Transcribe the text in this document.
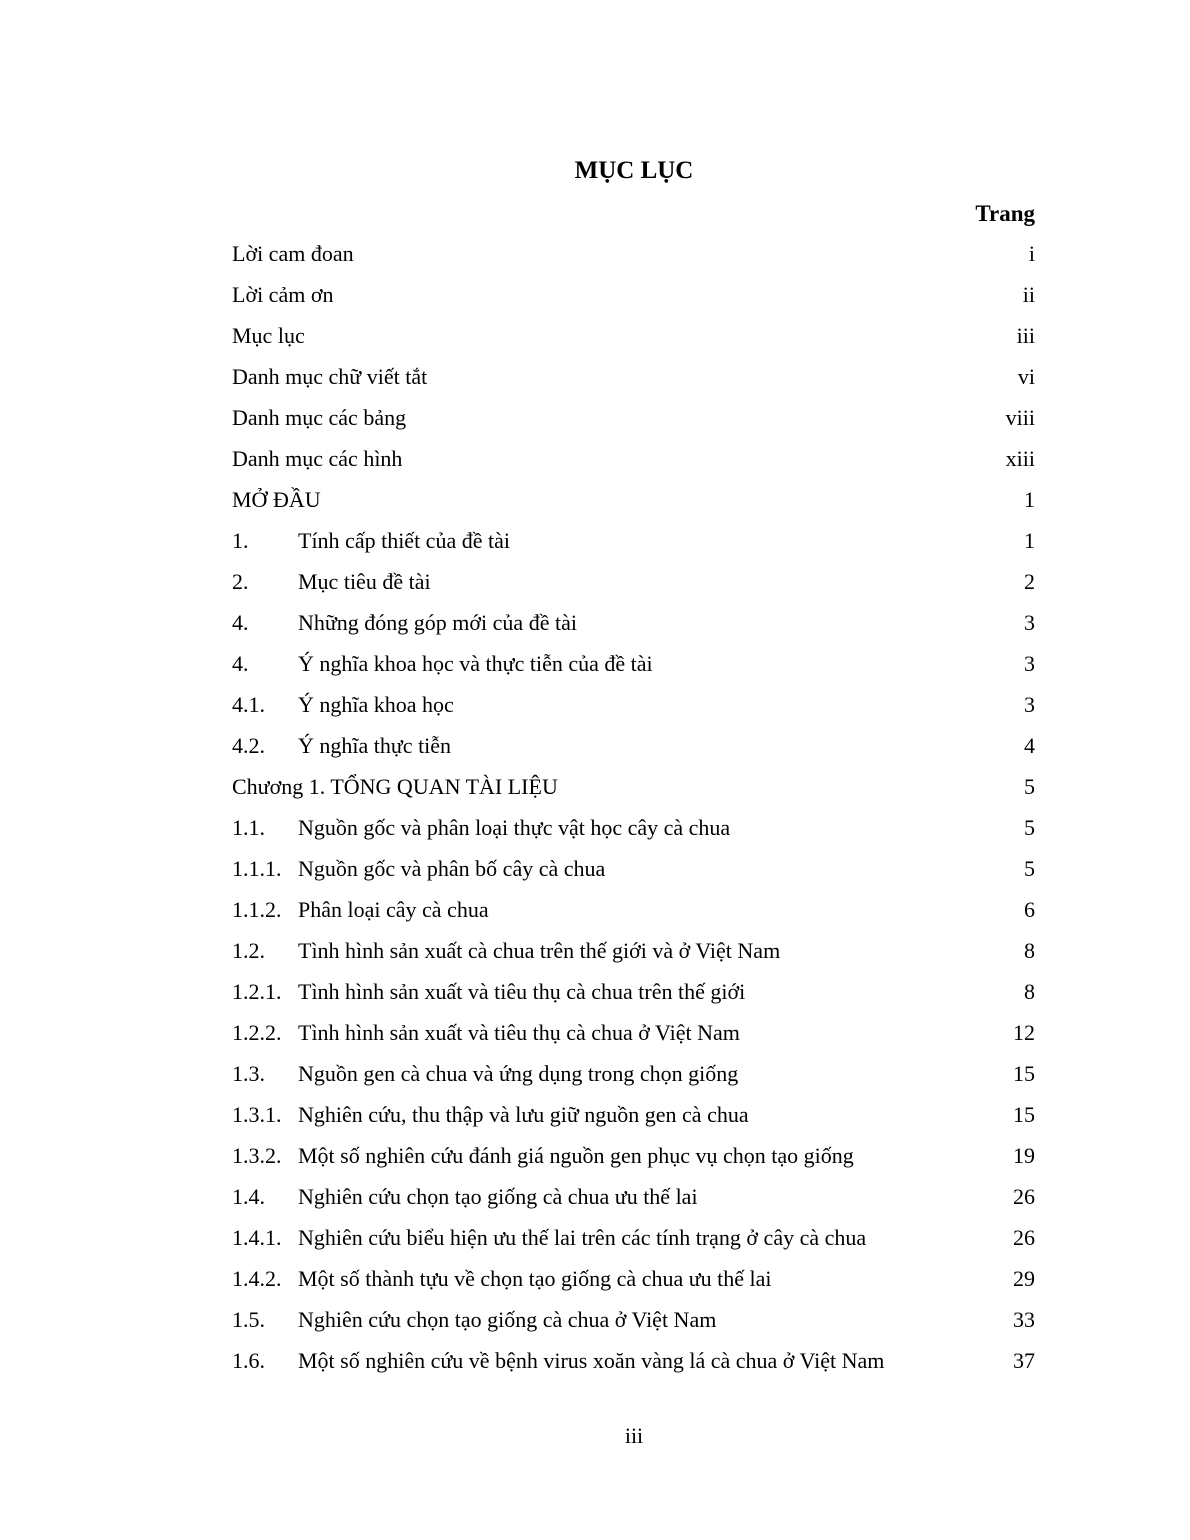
MỤC LỤC
Trang
Lời cam đoan	i
Lời cảm ơn	ii
Mục lục	iii
Danh mục chữ viết tắt	vi
Danh mục các bảng	viii
Danh mục các hình	xiii
MỞ ĐẦU	1
1.	Tính cấp thiết của đề tài	1
2.	Mục tiêu đề tài	2
4.	Những đóng góp mới của đề tài	3
4.	Ý nghĩa khoa học và thực tiễn của đề tài	3
4.1.	Ý nghĩa khoa học	3
4.2.	Ý nghĩa thực tiễn	4
Chương 1. TỔNG QUAN TÀI LIỆU	5
1.1.	Nguồn gốc và phân loại thực vật học cây cà chua	5
1.1.1. Nguồn gốc và phân bố cây cà chua	5
1.1.2. Phân loại cây cà chua	6
1.2.	Tình hình sản xuất cà chua trên thế giới và ở Việt Nam	8
1.2.1. Tình hình sản xuất và tiêu thụ cà chua trên thế giới	8
1.2.2. Tình hình sản xuất và tiêu thụ cà chua ở Việt Nam	12
1.3.	Nguồn gen cà chua và ứng dụng trong chọn giống	15
1.3.1. Nghiên cứu, thu thập và lưu giữ nguồn gen cà chua	15
1.3.2. Một số nghiên cứu đánh giá nguồn gen phục vụ chọn tạo giống	19
1.4.	Nghiên cứu chọn tạo giống cà chua ưu thế lai	26
1.4.1. Nghiên cứu biểu hiện ưu thế lai trên các tính trạng ở cây cà chua	26
1.4.2. Một số thành tựu về chọn tạo giống cà chua ưu thế lai	29
1.5.	Nghiên cứu chọn tạo giống cà chua ở Việt Nam	33
1.6.	Một số nghiên cứu về bệnh virus xoăn vàng lá cà chua ở Việt Nam	37
iii
